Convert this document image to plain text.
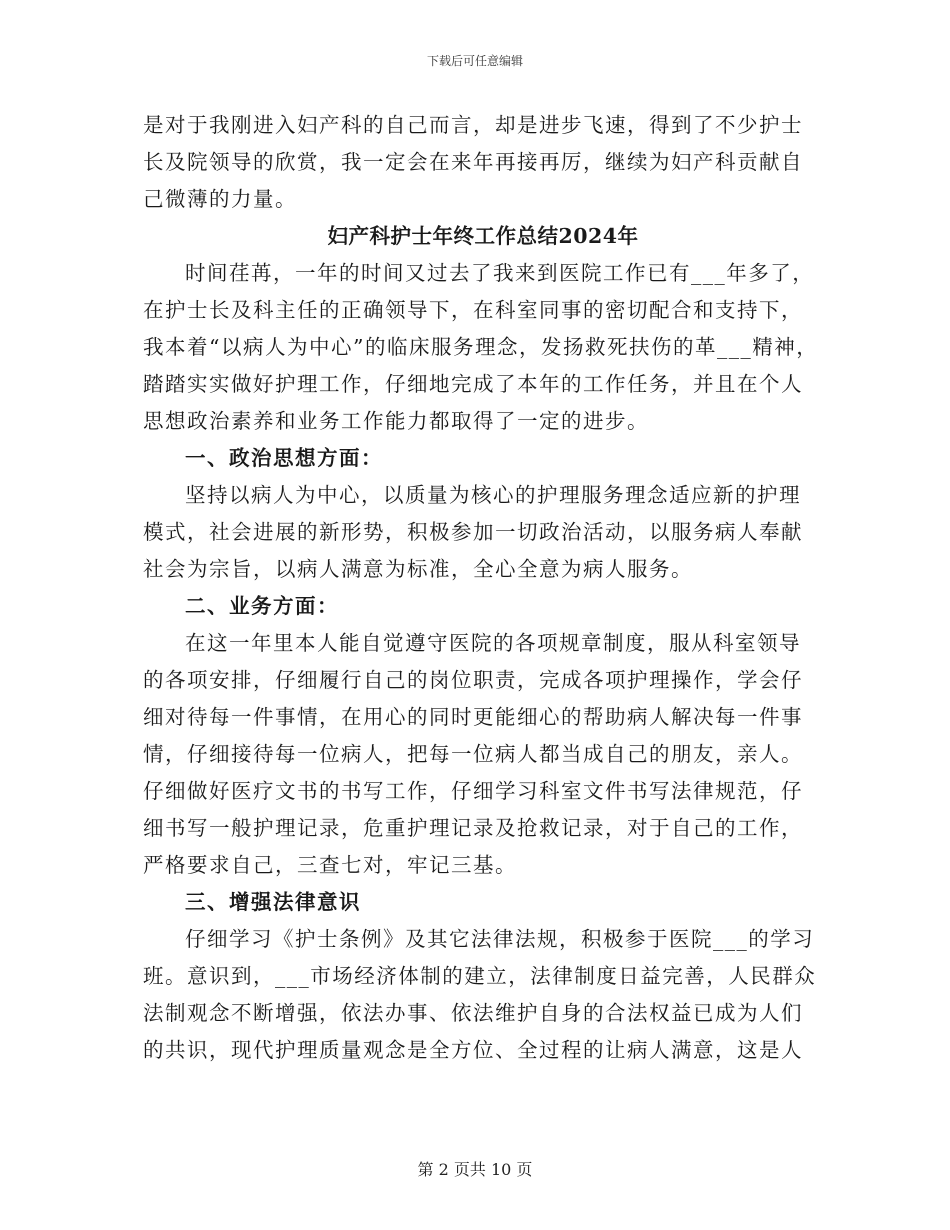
下载后可任意编辑
是对于我刚进入妇产科的自己而言，却是进步飞速，得到了不少护士
长及院领导的欣赏，我一定会在来年再接再厉，继续为妇产科贡献自
己微薄的力量。
妇产科护士年终工作总结2024年
时间荏苒，一年的时间又过去了我来到医院工作已有___年多了，
在护士长及科主任的正确领导下，在科室同事的密切配合和支持下，
我本着“以病人为中心”的临床服务理念，发扬救死扶伤的革___精神，
踏踏实实做好护理工作，仔细地完成了本年的工作任务，并且在个人
思想政治素养和业务工作能力都取得了一定的进步。
一、政治思想方面：
坚持以病人为中心，以质量为核心的护理服务理念适应新的护理
模式，社会进展的新形势，积极参加一切政治活动，以服务病人奉献
社会为宗旨，以病人满意为标准，全心全意为病人服务。
二、业务方面：
在这一年里本人能自觉遵守医院的各项规章制度，服从科室领导
的各项安排，仔细履行自己的岗位职责，完成各项护理操作，学会仔
细对待每一件事情，在用心的同时更能细心的帮助病人解决每一件事
情，仔细接待每一位病人，把每一位病人都当成自己的朋友，亲人。
仔细做好医疗文书的书写工作，仔细学习科室文件书写法律规范，仔
细书写一般护理记录，危重护理记录及抢救记录，对于自己的工作，
严格要求自己，三查七对，牢记三基。
三、增强法律意识
仔细学习《护士条例》及其它法律法规，积极参于医院___的学习
班。意识到，___市场经济体制的建立，法律制度日益完善，人民群众
法制观念不断增强，依法办事、依法维护自身的合法权益已成为人们
的共识，现代护理质量观念是全方位、全过程的让病人满意，这是人
第 2 页共 10 页
